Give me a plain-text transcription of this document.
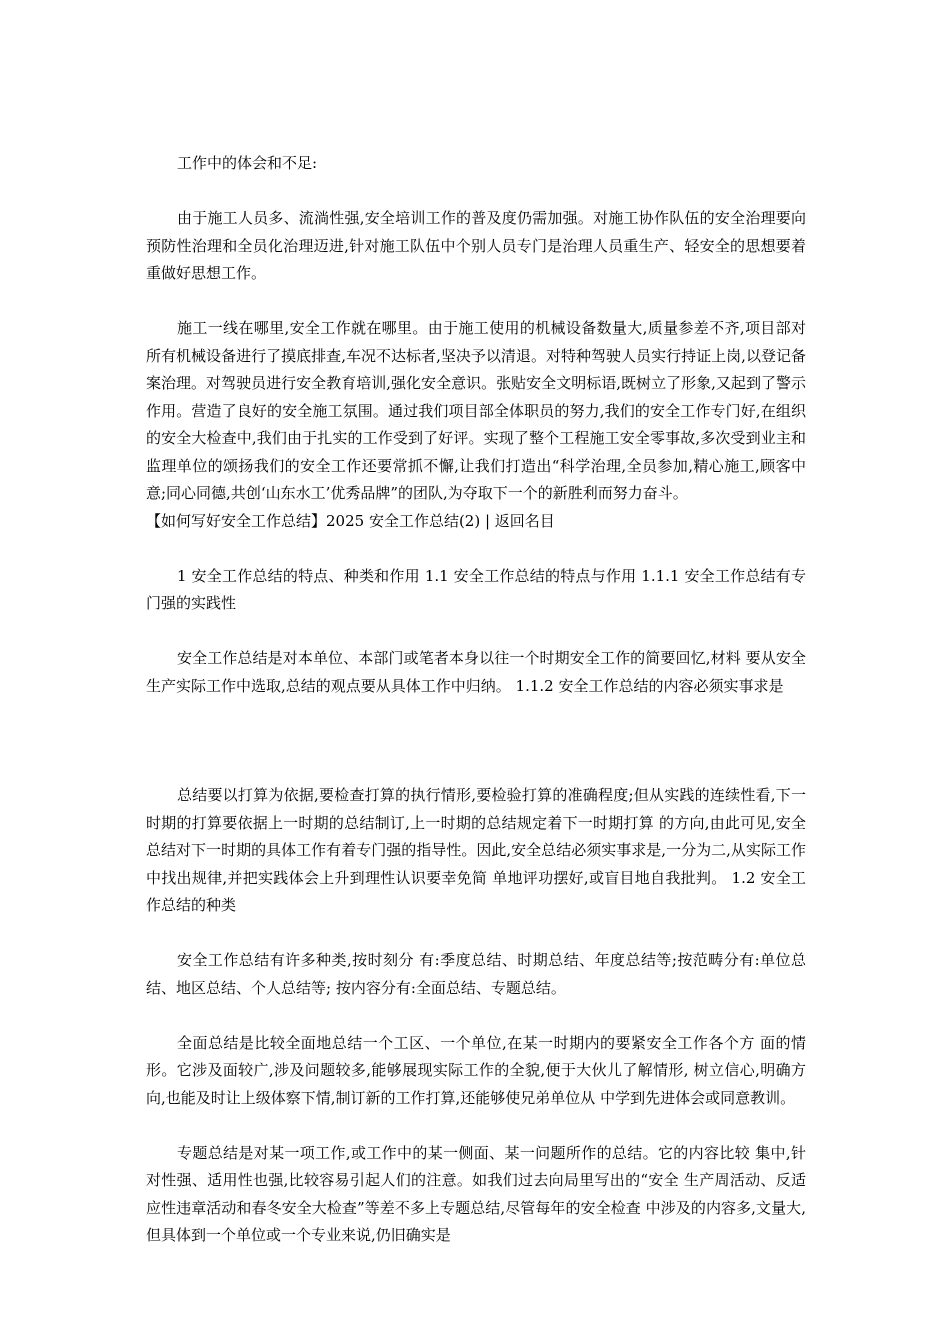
工作中的体会和不足:

由于施工人员多、流淌性强,安全培训工作的普及度仍需加强。对施工协作队伍的安全治理要向预防性治理和全员化治理迈进,针对施工队伍中个别人员专门是治理人员重生产、轻安全的思想要着重做好思想工作。

施工一线在哪里,安全工作就在哪里。由于施工使用的机械设备数量大,质量参差不齐,项目部对所有机械设备进行了摸底排查,车况不达标者,坚决予以清退。对特种驾驶人员实行持证上岗,以登记备案治理。对驾驶员进行安全教育培训,强化安全意识。张贴安全文明标语,既树立了形象,又起到了警示作用。营造了良好的安全施工氛围。通过我们项目部全体职员的努力,我们的安全工作专门好,在组织的安全大检查中,我们由于扎实的工作受到了好评。实现了整个工程施工安全零事故,多次受到业主和监理单位的颂扬我们的安全工作还要常抓不懈,让我们打造出“科学治理,全员参加,精心施工,顾客中意;同心同德,共创‘山东水工’优秀品牌”的团队,为夺取下一个的新胜利而努力奋斗。

【如何写好安全工作总结】2025 安全工作总结(2) | 返回名目

1 安全工作总结的特点、种类和作用 1.1 安全工作总结的特点与作用 1.1.1 安全工作总结有专门强的实践性

安全工作总结是对本单位、本部门或笔者本身以往一个时期安全工作的简要回忆,材料 要从安全生产实际工作中选取,总结的观点要从具体工作中归纳。 1.1.2 安全工作总结的内容必须实事求是

总结要以打算为依据,要检查打算的执行情形,要检验打算的准确程度;但从实践的连续性看,下一时期的打算要依据上一时期的总结制订,上一时期的总结规定着下一时期打算 的方向,由此可见,安全总结对下一时期的具体工作有着专门强的指导性。因此,安全总结必须实事求是,一分为二,从实际工作中找出规律,并把实践体会上升到理性认识要幸免简 单地评功摆好,或盲目地自我批判。 1.2 安全工作总结的种类

安全工作总结有许多种类,按时刻分 有:季度总结、时期总结、年度总结等;按范畴分有:单位总结、地区总结、个人总结等; 按内容分有:全面总结、专题总结。

全面总结是比较全面地总结一个工区、一个单位,在某一时期内的要紧安全工作各个方 面的情形。它涉及面较广,涉及问题较多,能够展现实际工作的全貌,便于大伙儿了解情形, 树立信心,明确方向,也能及时让上级体察下情,制订新的工作打算,还能够使兄弟单位从 中学到先进体会或同意教训。

专题总结是对某一项工作,或工作中的某一侧面、某一问题所作的总结。它的内容比较 集中,针对性强、适用性也强,比较容易引起人们的注意。如我们过去向局里写出的“安全 生产周活动、反适应性违章活动和春冬安全大检查”等差不多上专题总结,尽管每年的安全检查 中涉及的内容多,文量大,但具体到一个单位或一个专业来说,仍旧确实是
